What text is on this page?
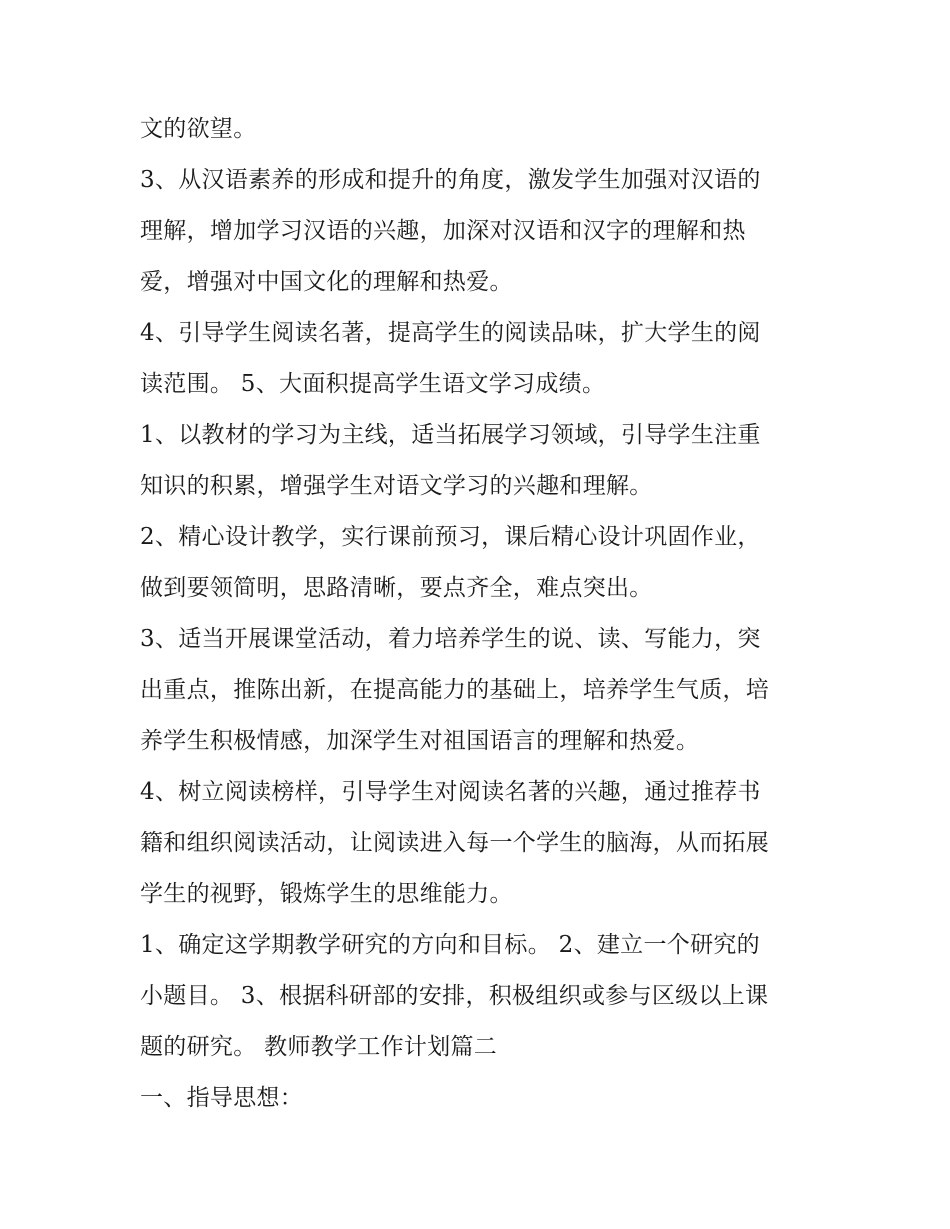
文的欲望。
3、从汉语素养的形成和提升的角度，激发学生加强对汉语的
理解，增加学习汉语的兴趣，加深对汉语和汉字的理解和热
爱，增强对中国文化的理解和热爱。
4、引导学生阅读名著，提高学生的阅读品味，扩大学生的阅
读范围。 5、大面积提高学生语文学习成绩。
1、以教材的学习为主线，适当拓展学习领域，引导学生注重
知识的积累，增强学生对语文学习的兴趣和理解。
2、精心设计教学，实行课前预习，课后精心设计巩固作业，
做到要领简明，思路清晰，要点齐全，难点突出。
3、适当开展课堂活动，着力培养学生的说、读、写能力，突
出重点，推陈出新，在提高能力的基础上，培养学生气质，培
养学生积极情感，加深学生对祖国语言的理解和热爱。
4、树立阅读榜样，引导学生对阅读名著的兴趣，通过推荐书
籍和组织阅读活动，让阅读进入每一个学生的脑海，从而拓展
学生的视野，锻炼学生的思维能力。
1、确定这学期教学研究的方向和目标。 2、建立一个研究的
小题目。 3、根据科研部的安排，积极组织或参与区级以上课
题的研究。 教师教学工作计划篇二
一、指导思想：
